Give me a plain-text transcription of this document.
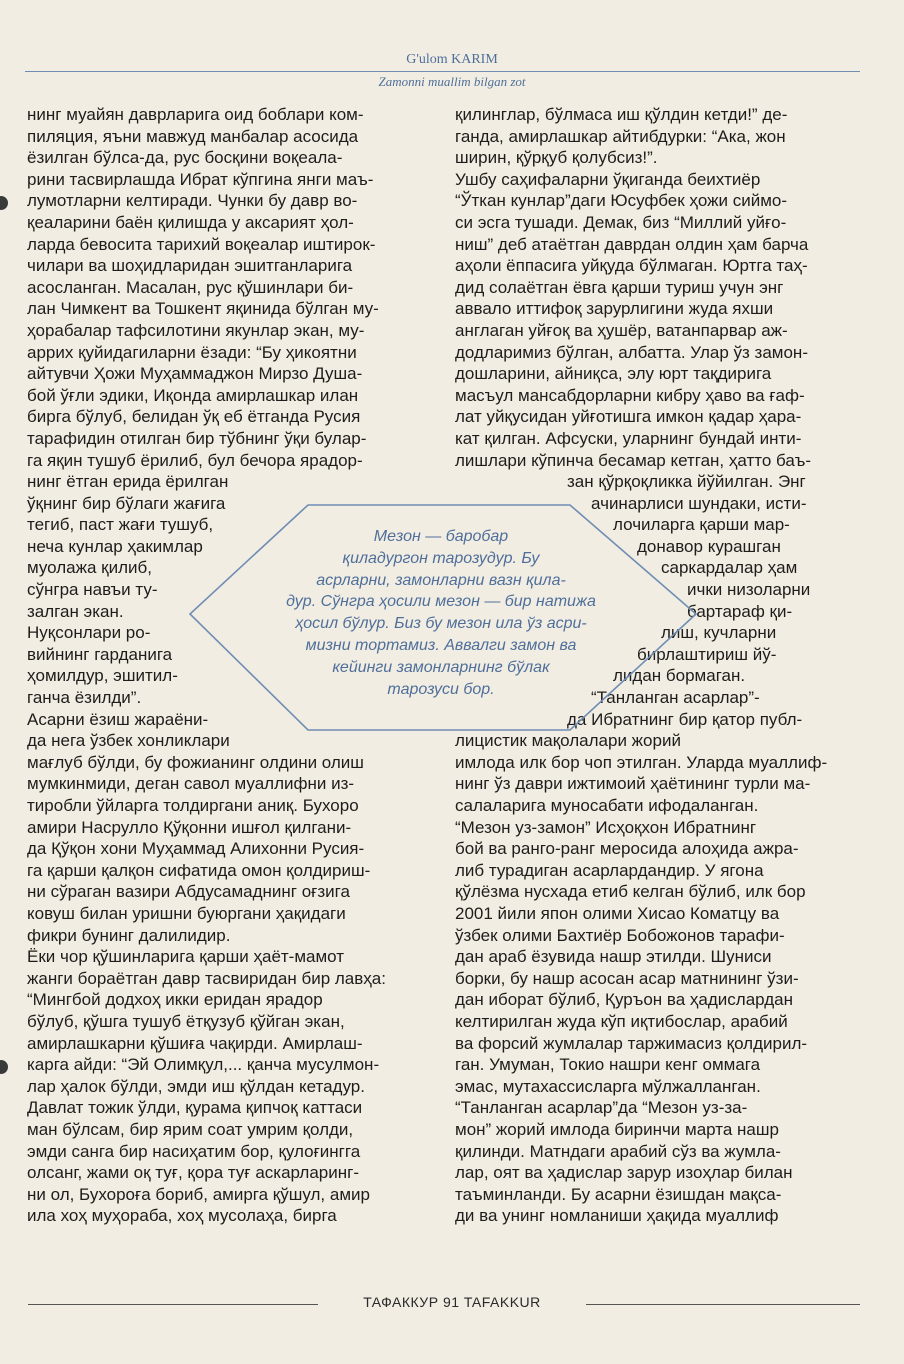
G'ulom KARIM
Zamonni muallim bilgan zot
нинг муайян даврларига оид боблари ком-
пиляция, яъни мавжуд манбалар асосида
ёзилган бўлса-да, рус босқини воқеала-
рини тасвирлашда Ибрат кўпгина янги маъ-
лумотларни келтиради. Чунки бу давр во-
қеаларини баён қилишда у аксарият ҳол-
ларда бевосита тарихий воқеалар иштирок-
чилари ва шоҳидларидан эшитганларига
асосланган. Масалан, рус қўшинлари би-
лан Чимкент ва Тошкент яқинида бўлган му-
ҳорабалар тафсилотини якунлар экан, му-
аррих қуйидагиларни ёзади: “Бу ҳикоятни
айтувчи Ҳожи Муҳаммаджон Мирзо Душа-
бой ўғли эдики, Иқонда амирлашкар илан
бирга бўлуб, белидан ўқ еб ётганда Русия
тарафидин отилган бир тўбнинг ўқи булар-
га яқин тушуб ёрилиб, бул бечора ярадор-
нинг ётган ерида ёрилган
ўқнинг бир бўлаги жағига
тегиб, паст жағи тушуб,
неча кунлар ҳакимлар
муолажа қилиб,
сўнгра навъи ту-
залган экан.
Нуқсонлари ро-
вийнинг гарданига
ҳомилдур, эшитил-
ганча ёзилди”.
Асарни ёзиш жараёни-
да нега ўзбек хонликлари
мағлуб бўлди, бу фожианинг олдини олиш
мумкинмиди, деган савол муаллифни из-
тиробли ўйларга толдиргани аниқ. Бухоро
амири Насрулло Қўқонни ишғол қилгани-
да Қўқон хони Муҳаммад Алихонни Русия-
га қарши қалқон сифатида омон қолдириш-
ни сўраган вазири Абдусамаднинг оғзига
ковуш билан уришни буюргани ҳақидаги
фикри бунинг далилидир.
Ёки чор қўшинларига қарши ҳаёт-мамот
жанги бораётган давр тасвиридан бир лавҳа:
“Мингбой додхоҳ икки еридан ярадор
бўлуб, қўшга тушуб ётқузуб қўйган экан,
амирлашкарни қўшиға чақирди. Амирлаш-
карга айди: “Эй Олимқул,... қанча мусулмон-
лар ҳалок бўлди, эмди иш қўлдан кетадур.
Давлат тожик ўлди, қурама қипчоқ каттаси
ман бўлсам, бир ярим соат умрим қолди,
эмди санга бир насиҳатим бор, қулоғингга
олсанг, жами оқ туғ, қора туғ аскарларинг-
ни ол, Бухороға бориб, амирга қўшул, амир
ила хоҳ муҳораба, хоҳ мусолаҳа, бирга
қилинглар, бўлмаса иш қўлдин кетди!” де-
ганда, амирлашкар айтибдурки: “Ака, жон
ширин, қўрқуб қолубсиз!”.
Ушбу саҳифаларни ўқиганда беихтиёр
“Ўткан кунлар”даги Юсуфбек ҳожи сиймо-
си эсга тушади. Демак, биз “Миллий уйғо-
ниш” деб атаётган даврдан олдин ҳам барча
аҳоли ёппасига уйқуда бўлмаган. Юртга таҳ-
дид солаётган ёвга қарши туриш учун энг
аввало иттифоқ зарурлигини жуда яхши
англаган уйғоқ ва ҳушёр, ватанпарвар аж-
додларимиз бўлган, албатта. Улар ўз замон-
дошларини, айниқса, элу юрт тақдирига
масъул мансабдорларни кибру ҳаво ва ғаф-
лат уйқусидан уйғотишга имкон қадар ҳара-
кат қилган. Афсуски, уларнинг бундай инти-
лишлари кўпинча бесамар кетган, ҳатто баъ-
зан қўрқоқликка йўйилган. Энг
ачинарлиси шундаки, исти-
лочиларга қарши мар-
донавор курашган
саркардалар ҳам
ички низоларни
бартараф қи-
лиш, кучларни
бирлаштириш йў-
лидан бормаган.
“Танланган асарлар”-
да Ибратнинг бир қатор публ-
лицистик мақолалари жорий
имлода илк бор чоп этилган. Уларда муаллиф-
нинг ўз даври ижтимоий ҳаётининг турли ма-
салаларига муносабати ифодаланган.
“Мезон уз-замон” Исҳоқхон Ибратнинг
бой ва ранго-ранг меросида алоҳида ажра-
либ турадиган асарлардандир. У ягона
қўлёзма нусхада етиб келган бўлиб, илк бор
2001 йили япон олими Хисао Коматцу ва
ўзбек олими Бахтиёр Бобожонов тарафи-
дан араб ёзувида нашр этилди. Шуниси
борки, бу нашр асосан асар матнининг ўзи-
дан иборат бўлиб, Қуръон ва ҳадислардан
келтирилган жуда кўп иқтибослар, арабий
ва форсий жумлалар таржимасиз қолдирил-
ган. Умуман, Токио нашри кенг оммага
эмас, мутахассисларга мўлжалланган.
“Танланган асарлар”да “Мезон уз-за-
мон” жорий имлода биринчи марта нашр
қилинди. Матндаги арабий сўз ва жумла-
лар, оят ва ҳадислар зарур изоҳлар билан
таъминланди. Бу асарни ёзишдан мақса-
ди ва унинг номланиши ҳақида муаллиф
Мезон — баробар
қиладургон тарозудур. Бу
асрларни, замонларни вазн қила-
дур. Сўнгра ҳосили мезон — бир натижа
ҳосил бўлур. Биз бу мезон ила ўз асри-
мизни тортамиз. Аввалги замон ва
кейинги замонларнинг бўлак
тарозуси бор.
ТАФАККУР 91 TAFAKKUR
